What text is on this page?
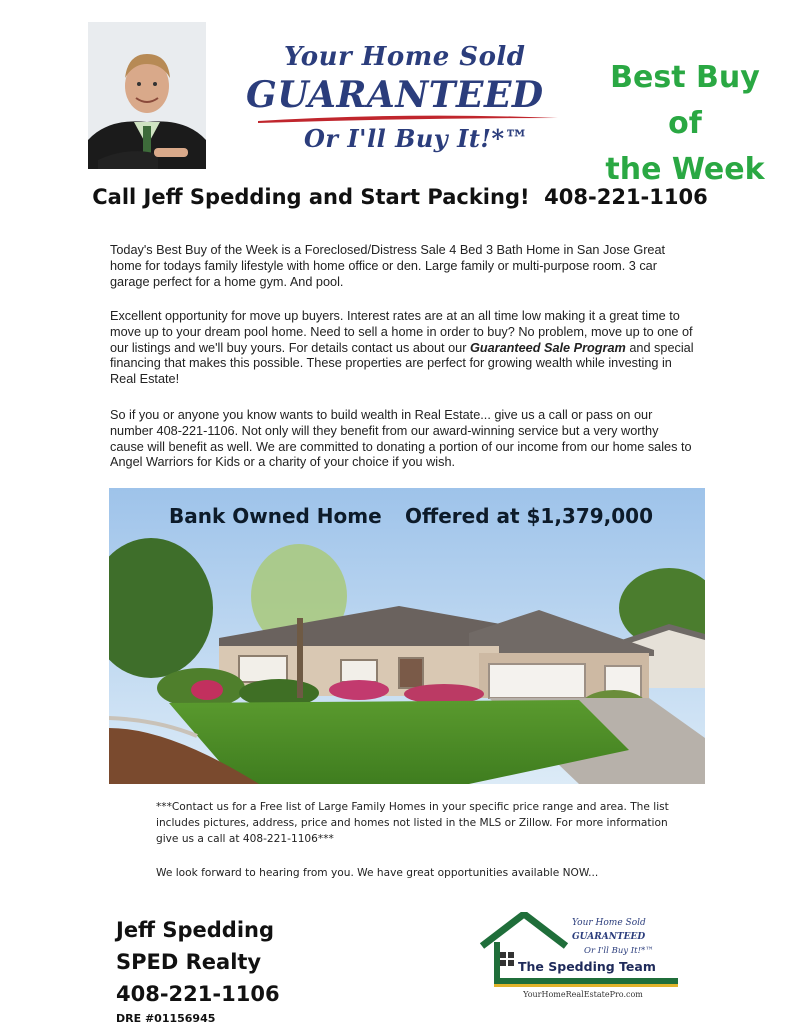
Your Home Sold
GUARANTEED
Or I'll Buy It!*™
Best Buy of
the Week
Call Jeff Spedding and Start Packing!  408-221-1106

Today's Best Buy of the Week is a Foreclosed/Distress Sale 4 Bed 3 Bath Home in San Jose Great home for todays family lifestyle with home office or den. Large family or multi-purpose room. 3 car garage perfect for a home gym. And pool.

Excellent opportunity for move up buyers. Interest rates are at an all time low making it a great time to move up to your dream pool home. Need to sell a home in order to buy? No problem, move up to one of our listings and we'll buy yours. For details contact us about our Guaranteed Sale Program and special financing that makes this possible. These properties are perfect for growing wealth while investing in Real Estate!

So if you or anyone you know wants to build wealth in Real Estate... give us a call or pass on our number 408-221-1106. Not only will they benefit from our award-winning service but a very worthy cause will benefit as well. We are committed to donating a portion of our income from our home sales to Angel Warriors for Kids or a charity of your choice if you wish.

Bank Owned Home Offered at $1,379,000

***Contact us for a Free list of Large Family Homes in your specific price range and area. The list includes pictures, address, price and homes not listed in the MLS or Zillow. For more information give us a call at 408-221-1106***

We look forward to hearing from you. We have great opportunities available NOW...

Jeff Spedding
SPED Realty
408-221-1106
DRE #01156945
Your Home Sold
GUARANTEED
Or I'll Buy It!*™
The Spedding Team
YourHomeRealEstatePro.com
